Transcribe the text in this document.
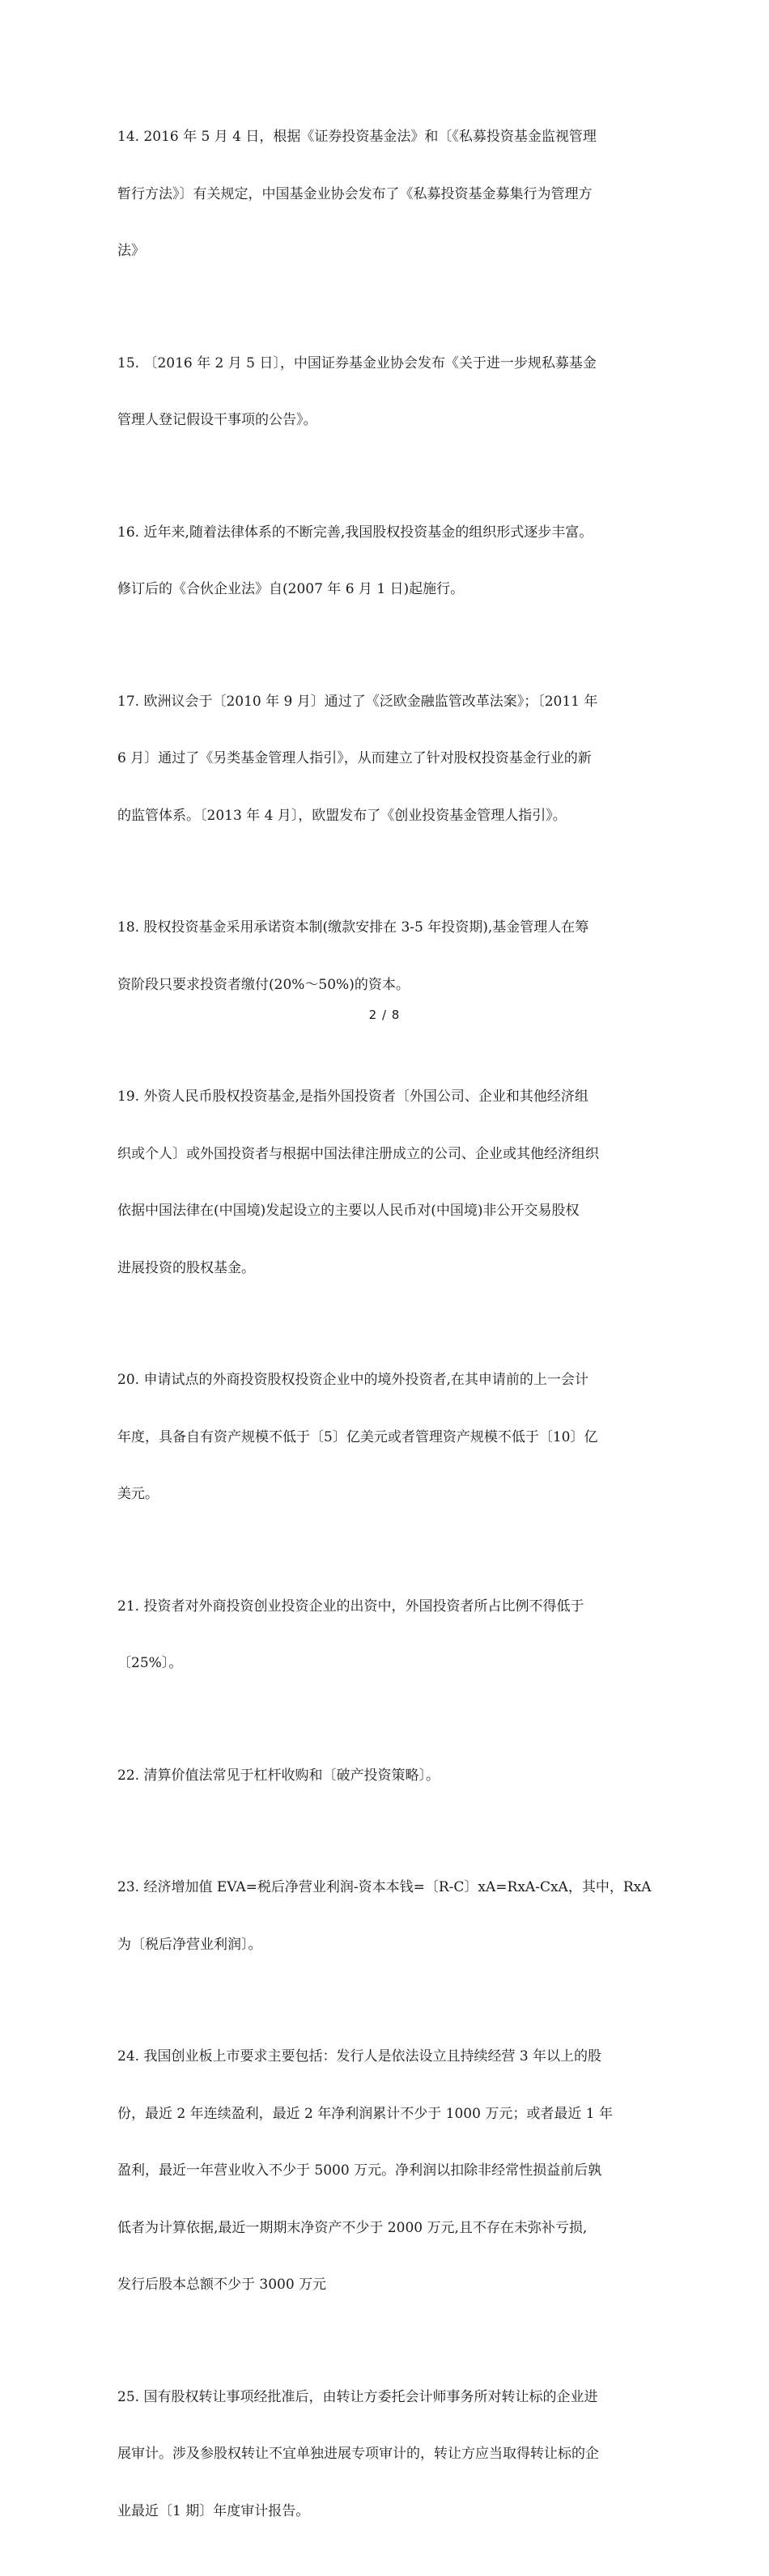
14. 2016 年 5 月 4 日，根据《证券投资基金法》和〔《私募投资基金监视管理

暂行方法》〕有关规定，中国基金业协会发布了《私募投资基金募集行为管理方

法》

15. 〔2016 年 2 月 5 日〕，中国证券基金业协会发布《关于进一步规私募基金

管理人登记假设干事项的公告》。

16. 近年来,随着法律体系的不断完善,我国股权投资基金的组织形式逐步丰富。

修订后的《合伙企业法》自(2007 年 6 月 1 日)起施行。

17. 欧洲议会于〔2010 年 9 月〕通过了《泛欧金融监管改革法案》；〔2011 年

6 月〕通过了《另类基金管理人指引》，从而建立了针对股权投资基金行业的新

的监管体系。〔2013 年 4 月〕，欧盟发布了《创业投资基金管理人指引》。

18. 股权投资基金采用承诺资本制(缴款安排在 3-5 年投资期),基金管理人在筹

资阶段只要求投资者缴付(20%～50%)的资本。

19. 外资人民币股权投资基金,是指外国投资者〔外国公司、企业和其他经济组

织或个人〕或外国投资者与根据中国法律注册成立的公司、企业或其他经济组织

依据中国法律在(中国境)发起设立的主要以人民币对(中国境)非公开交易股权

进展投资的股权基金。

20. 申请试点的外商投资股权投资企业中的境外投资者,在其申请前的上一会计

年度，具备自有资产规模不低于〔5〕亿美元或者管理资产规模不低于〔10〕亿

美元。

21. 投资者对外商投资创业投资企业的出资中，外国投资者所占比例不得低于

〔25%〕。

22. 清算价值法常见于杠杆收购和〔破产投资策略〕。

23. 经济增加值 EVA=税后净营业利润-资本本钱=〔R-C〕xA=RxA-CxA，其中，RxA

为〔税后净营业利润〕。

24. 我国创业板上市要求主要包括：发行人是依法设立且持续经营 3 年以上的股

份，最近 2 年连续盈利，最近 2 年净利润累计不少于 1000 万元；或者最近 1 年

盈利，最近一年营业收入不少于 5000 万元。净利润以扣除非经常性损益前后孰

低者为计算依据,最近一期期末净资产不少于 2000 万元,且不存在未弥补亏损,

发行后股本总额不少于 3000 万元

25. 国有股权转让事项经批准后，由转让方委托会计师事务所对转让标的企业进

展审计。涉及参股权转让不宜单独进展专项审计的，转让方应当取得转让标的企

业最近〔1 期〕年度审计报告。

2 / 8
